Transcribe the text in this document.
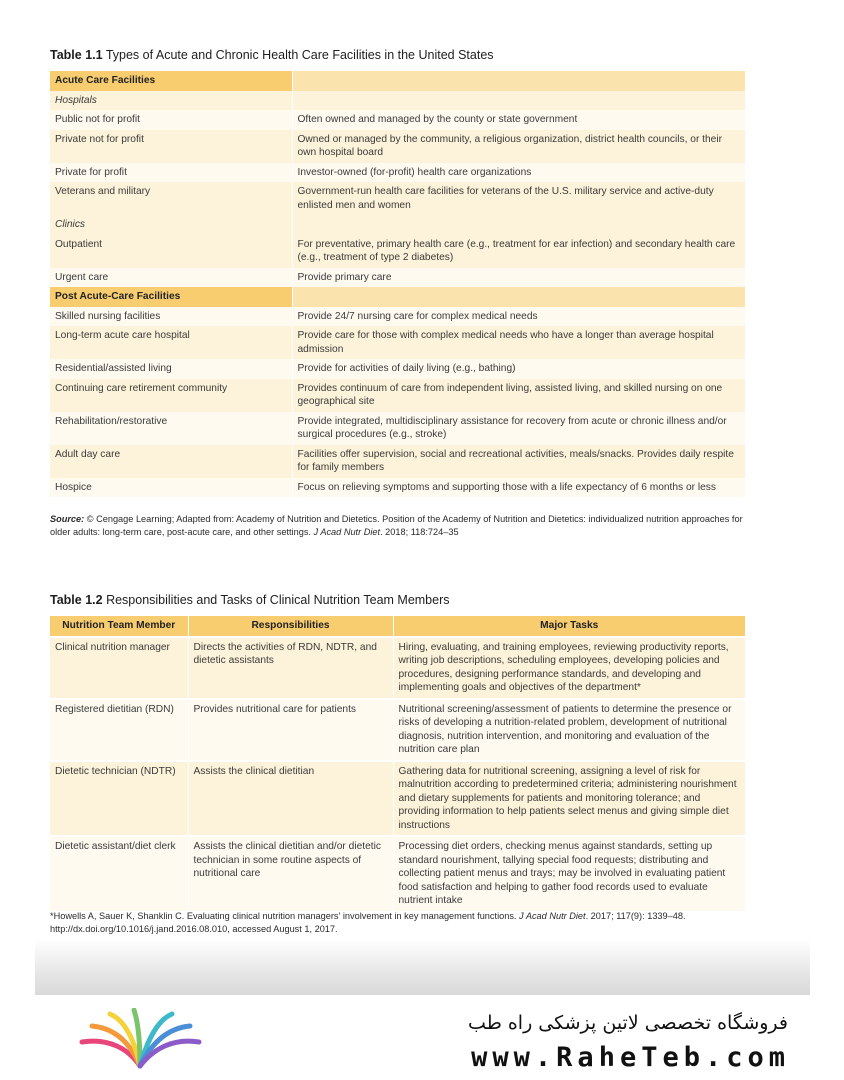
Table 1.1 Types of Acute and Chronic Health Care Facilities in the United States
Acute Care Facilities	
Hospitals	
Public not for profit	Often owned and managed by the county or state government
Private not for profit	Owned or managed by the community, a religious organization, district health councils, or their own hospital board
Private for profit	Investor-owned (for-profit) health care organizations
Veterans and military	Government-run health care facilities for veterans of the U.S. military service and active-duty enlisted men and women
Clinics	
Outpatient	For preventative, primary health care (e.g., treatment for ear infection) and secondary health care (e.g., treatment of type 2 diabetes)
Urgent care	Provide primary care
Post Acute-Care Facilities	
Skilled nursing facilities	Provide 24/7 nursing care for complex medical needs
Long-term acute care hospital	Provide care for those with complex medical needs who have a longer than average hospital admission
Residential/assisted living	Provide for activities of daily living (e.g., bathing)
Continuing care retirement community	Provides continuum of care from independent living, assisted living, and skilled nursing on one geographical site
Rehabilitation/restorative	Provide integrated, multidisciplinary assistance for recovery from acute or chronic illness and/or surgical procedures (e.g., stroke)
Adult day care	Facilities offer supervision, social and recreational activities, meals/snacks. Provides daily respite for family members
Hospice	Focus on relieving symptoms and supporting those with a life expectancy of 6 months or less
Source: © Cengage Learning; Adapted from: Academy of Nutrition and Dietetics. Position of the Academy of Nutrition and Dietetics: individualized nutrition approaches for older adults: long-term care, post-acute care, and other settings. J Acad Nutr Diet. 2018; 118:724–35
Table 1.2 Responsibilities and Tasks of Clinical Nutrition Team Members
Nutrition Team Member	Responsibilities	Major Tasks
Clinical nutrition manager	Directs the activities of RDN, NDTR, and dietetic assistants	Hiring, evaluating, and training employees, reviewing productivity reports, writing job descriptions, scheduling employees, developing policies and procedures, designing performance standards, and developing and implementing goals and objectives of the department*
Registered dietitian (RDN)	Provides nutritional care for patients	Nutritional screening/assessment of patients to determine the presence or risks of developing a nutrition-related problem, development of nutritional diagnosis, nutrition intervention, and monitoring and evaluation of the nutrition care plan
Dietetic technician (NDTR)	Assists the clinical dietitian	Gathering data for nutritional screening, assigning a level of risk for malnutrition according to predetermined criteria; administering nourishment and dietary supplements for patients and monitoring tolerance; and providing information to help patients select menus and giving simple diet instructions
Dietetic assistant/diet clerk	Assists the clinical dietitian and/or dietetic technician in some routine aspects of nutritional care	Processing diet orders, checking menus against standards, setting up standard nourishment, tallying special food requests; distributing and collecting patient menus and trays; may be involved in evaluating patient food satisfaction and helping to gather food records used to evaluate nutrient intake
*Howells A, Sauer K, Shanklin C. Evaluating clinical nutrition managers' involvement in key management functions. J Acad Nutr Diet. 2017; 117(9): 1339–48. http://dx.doi.org/10.1016/j.jand.2016.08.010, accessed August 1, 2017.
فروشگاه تخصصی لاتین پزشکی راه طب
www.RaheTeb.com
